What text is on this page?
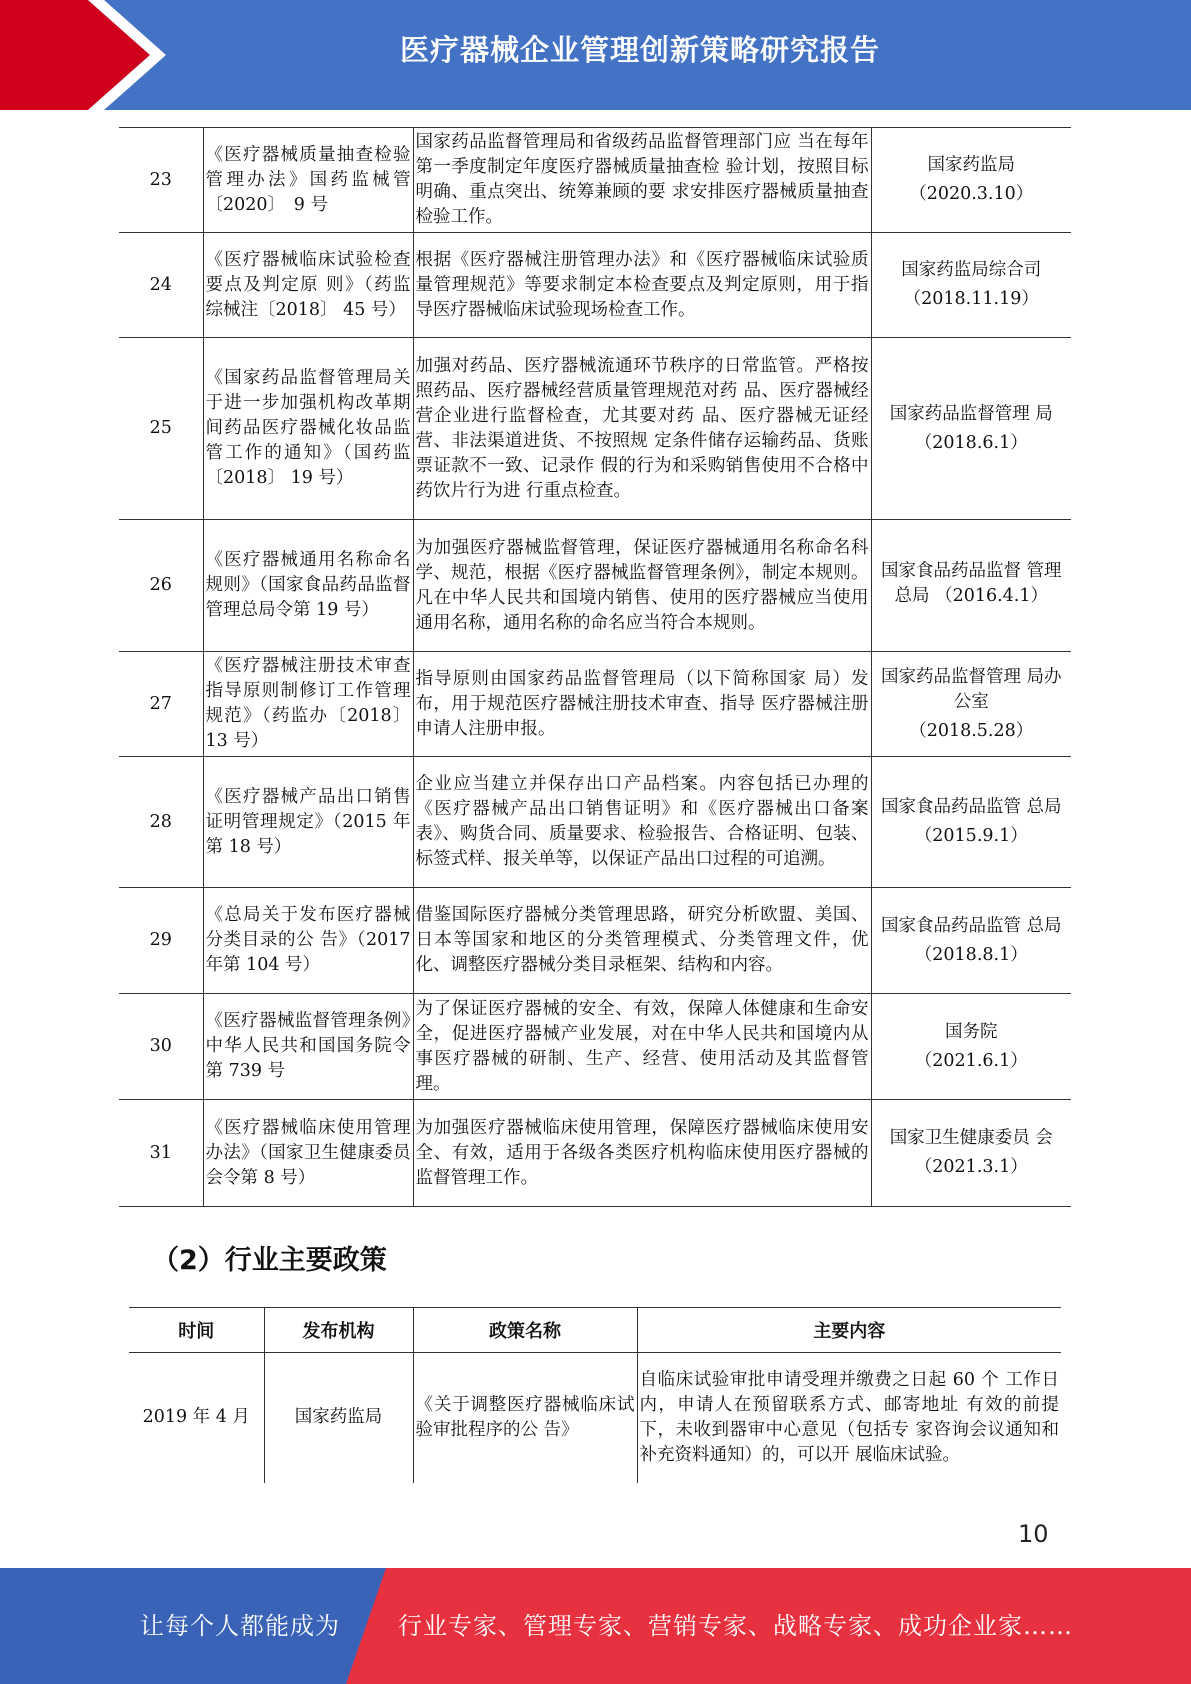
医疗器械企业管理创新策略研究报告
23	《医疗器械质量抽查检验管理办法》国药监械管〔2020〕　9 号	国家药品监督管理局和省级药品监督管理部门应 当在每年第一季度制定年度医疗器械质量抽查检 验计划，按照目标明确、重点突出、统筹兼顾的要 求安排医疗器械质量抽查检验工作。	国家药监局
（2020.3.10）

24	《医疗器械临床试验检查要点及判定原 则》（药监综械注〔2018〕 45 号）	根据《医疗器械注册管理办法》和《医疗器械临床试验质量管理规范》等要求制定本检查要点及判定原则，用于指导医疗器械临床试验现场检查工作。	国家药监局综合司
（2018.11.19）

25	《国家药品监督管理局关于进一步加强机构改革期间药品医疗器械化妆品监管工作的通知》（国药监〔2018〕 19 号）	加强对药品、医疗器械流通环节秩序的日常监管。严格按照药品、医疗器械经营质量管理规范对药 品、医疗器械经营企业进行监督检查，尤其要对药 品、医疗器械无证经营、非法渠道进货、不按照规 定条件储存运输药品、货账票证款不一致、记录作 假的行为和采购销售使用不合格中药饮片行为进 行重点检查。	国家药品监督管理 局
（2018.6.1）

26	《医疗器械通用名称命名规则》（国家食品药品监督管理总局令第 19 号）	为加强医疗器械监督管理，保证医疗器械通用名称命名科学、规范，根据《医疗器械监督管理条例》，制定本规则。凡在中华人民共和国境内销售、使用的医疗器械应当使用通用名称，通用名称的命名应当符合本规则。	国家食品药品监督 管理总局 （2016.4.1）

27	《医疗器械注册技术审查指导原则制修订工作管理规范》（药监办〔2018〕13 号）	指导原则由国家药品监督管理局（以下简称国家 局）发布，用于规范医疗器械注册技术审查、指导 医疗器械注册申请人注册申报。	国家药品监督管理 局办公室
（2018.5.28）

28	《医疗器械产品出口销售证明管理规定》（2015 年第 18 号）	企业应当建立并保存出口产品档案。内容包括已办理的《医疗器械产品出口销售证明》和《医疗器械出口备案表》、购货合同、质量要求、检验报告、合格证明、包装、标签式样、报关单等，以保证产品出口过程的可追溯。	国家食品药品监管 总局
（2015.9.1）

29	《总局关于发布医疗器械分类目录的公 告》（2017 年第 104 号）	借鉴国际医疗器械分类管理思路，研究分析欧盟、美国、日本等国家和地区的分类管理模式、分类管理文件，优化、调整医疗器械分类目录框架、结构和内容。	国家食品药品监管 总局
（2018.8.1）

30	《医疗器械监督管理条例》中华人民共和国国务院令第 739 号	为了保证医疗器械的安全、有效，保障人体健康和生命安全，促进医疗器械产业发展，对在中华人民共和国境内从事医疗器械的研制、生产、经营、使用活动及其监督管理。	国务院
（2021.6.1）

31	《医疗器械临床使用管理办法》（国家卫生健康委员会令第 8 号）	为加强医疗器械临床使用管理，保障医疗器械临床使用安全、有效，适用于各级各类医疗机构临床使用医疗器械的监督管理工作。	国家卫生健康委员 会
（2021.3.1）
（2）行业主要政策
时间	发布机构	政策名称	主要内容
2019 年 4 月	国家药监局	《关于调整医疗器械临床试验审批程序的公 告》	自临床试验审批申请受理并缴费之日起 60 个 工作日内，申请人在预留联系方式、邮寄地址 有效的前提下，未收到器审中心意见（包括专 家咨询会议通知和补充资料通知）的，可以开 展临床试验。
10
让每个人都能成为 行业专家、管理专家、营销专家、战略专家、成功企业家……
